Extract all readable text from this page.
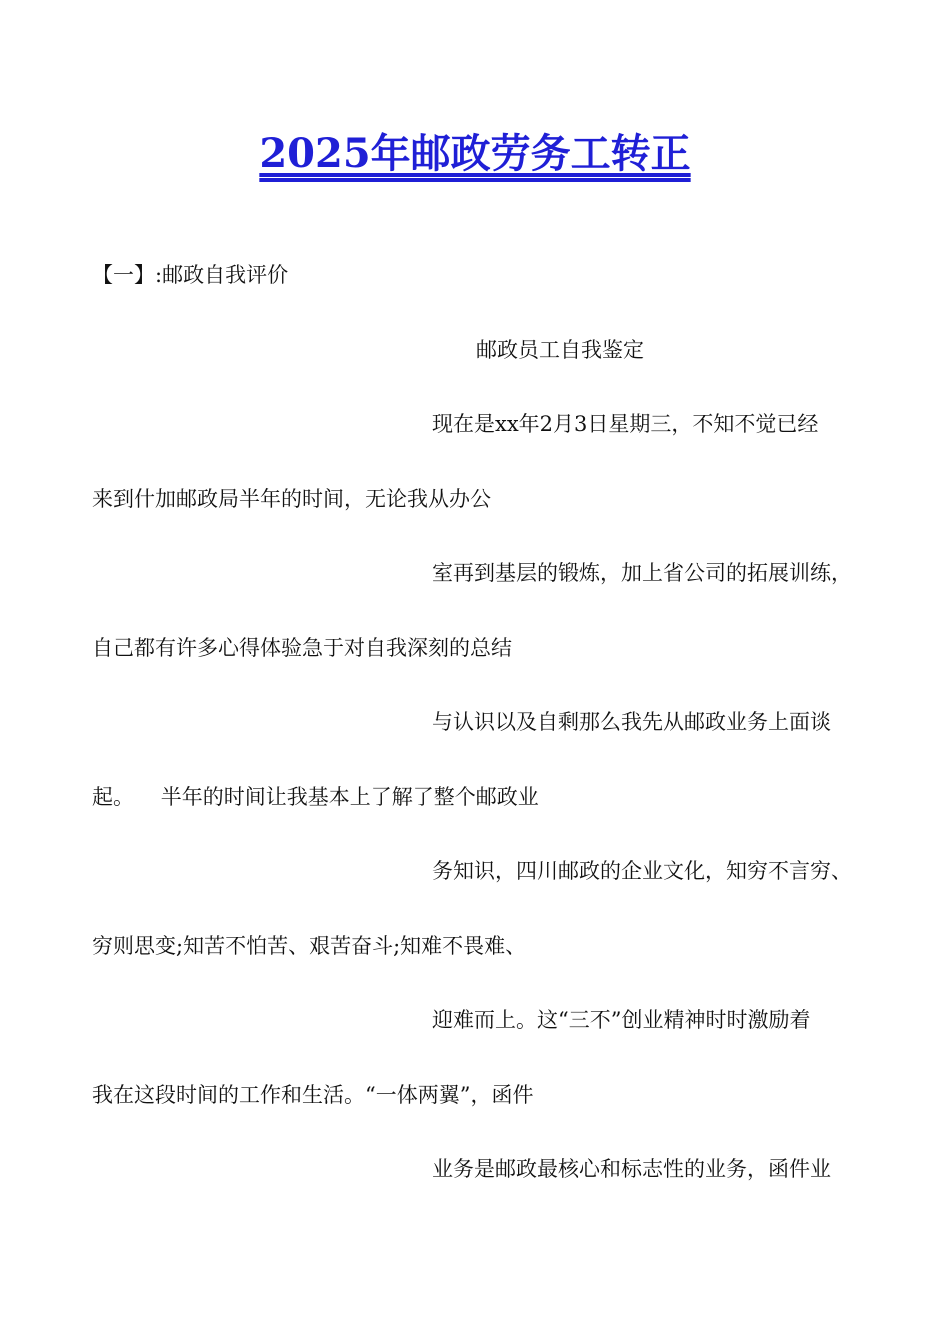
2025年邮政劳务工转正
【一】:邮政自我评价
邮政员工自我鉴定
现在是xx年2月3日星期三，不知不觉已经
来到什加邮政局半年的时间，无论我从办公
室再到基层的锻炼，加上省公司的拓展训练，
自己都有许多心得体验急于对自我深刻的总结
与认识以及自剩那么我先从邮政业务上面谈
起。    半年的时间让我基本上了解了整个邮政业
务知识，四川邮政的企业文化，知穷不言穷、
穷则思变;知苦不怕苦、艰苦奋斗;知难不畏难、
迎难而上。这“三不”创业精神时时激励着
我在这段时间的工作和生活。“一体两翼”，函件
业务是邮政最核心和标志性的业务，函件业
